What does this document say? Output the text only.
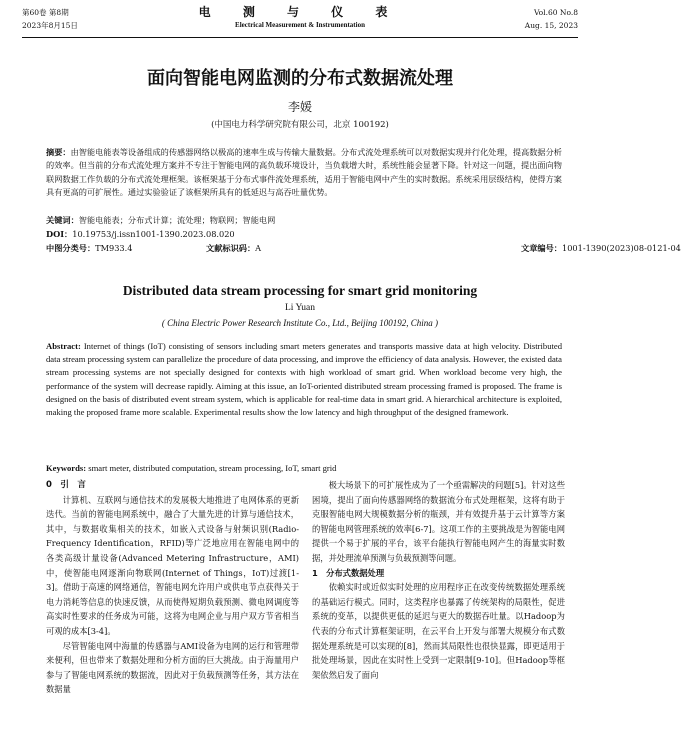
第60卷 第8期
2023年8月15日
电 测 与 仪 表
Electrical Measurement & Instrumentation
Vol.60 No.8
Aug. 15, 2023
面向智能电网监测的分布式数据流处理
李媛
(中国电力科学研究院有限公司，北京 100192)
摘要：由智能电能表等设备组成的传感器网络以极高的速率生成与传输大量数据。分布式流处理系统可以对数据实现并行化处理，提高数据分析的效率。但当前的分布式流处理方案并不专注于智能电网的高负载环境设计，当负载增大时，系统性能会显著下降。针对这一问题，提出面向物联网数据工作负载的分布式流处理框架。该框架基于分布式事件流处理系统，适用于智能电网中产生的实时数据。系统采用层级结构，使得方案具有更高的可扩展性。通过实验验证了该框架所具有的低延迟与高吞吐量优势。
关键词：智能电能表；分布式计算；流处理；物联网；智能电网
DOI：10.19753/j.issn1001-1390.2023.08.020
中图分类号： TM933.4	文献标识码： A	文章编号： 1001-1390(2023)08-0121-04
Distributed data stream processing for smart grid monitoring
Li Yuan
( China Electric Power Research Institute Co., Ltd., Beijing 100192, China )
Abstract: Internet of things (IoT) consisting of sensors including smart meters generates and transports massive data at high velocity. Distributed data stream processing system can parallelize the procedure of data processing, and improve the efficiency of data analysis. However, the existed data stream processing systems are not specially designed for contexts with high workload of smart grid. When workload become very high, the performance of the system will decrease rapidly. Aiming at this issue, an IoT-oriented distributed stream processing framed is proposed. The frame is designed on the basis of distributed event stream system, which is applicable for real-time data in smart grid. A hierarchical architecture is exploited, making the proposed frame more scalable. Experimental results show the low latency and high throughput of the designed framework.
Keywords: smart meter, distributed computation, stream processing, IoT, smart grid
0　引　言

计算机、互联网与通信技术的发展极大地推进了电网体系的更新迭代。当前的智能电网系统中，融合了大量先进的计算与通信技术，其中，与数据收集相关的技术，如嵌入式设备与射频识别(Radio-Frequency Identification，RFID)等广泛地应用在智能电网中的各类高级计量设备(Advanced Metering Infrastructure，AMI)中，使智能电网逐渐向物联网(Internet of Things，IoT)过渡[1-3]。借助于高速的网络通信，智能电网允许用户或供电节点获得关于电力消耗等信息的快速反馈，从而使得短期负载预测、微电网调度等高实时性要求的任务成为可能，这将为电网企业与用户双方节省相当可观的成本[3-4]。

尽管智能电网中海量的传感器与AMI设备为电网的运行和管理带来便利，但也带来了数据处理和分析方面的巨大挑战。由于海量用户参与了智能电网系统的数据流，因此对于负载预测等任务，其方法在数据量

极大场景下的可扩展性成为了一个亟需解决的问题[5]。针对这些困境，提出了面向传感器网络的数据流分布式处理框架，这将有助于克服智能电网大规模数据分析的瓶颈，并有效提升基于云计算等方案的智能电网管理系统的效率[6-7]。这项工作的主要挑战是为智能电网提供一个易于扩展的平台，该平台能执行智能电网产生的海量实时数据，并处理流单预测与负载预测等问题。

1　分布式数据处理

依赖实时或近似实时处理的应用程序正在改变传统数据处理系统的基础运行模式。同时，这类程序也暴露了传统架构的局限性，促进系统的变革，以提供更低的延迟与更大的数据吞吐量。以Hadoop为代表的分布式计算框架证明，在云平台上开发与部署大规模分布式数据处理系统是可以实现的[8]，然而其局限性也很快显露，即更适用于批处理场景，因此在实时性上受到一定限制[9-10]。但Hadoop等框架依然启发了面向
